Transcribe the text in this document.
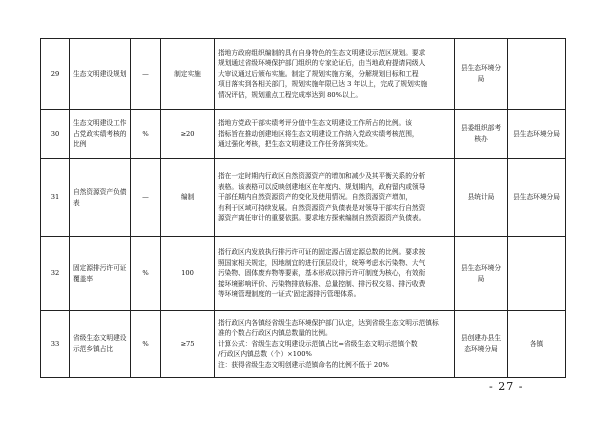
29	生态文明建设规划	—	制定实施	指地方政府组织编制的具有自身特色的生态文明建设示范区规划。要求
规划通过省级环境保护部门组织的专家论证后，由当地政府提请同级人
大审议通过后颁布实施。制定了规划实施方案，分解规划目标和工程
项目落实到各相关部门，规划实施年限已达 3 年以上，完成了规划实施
情况评估，规划重点工程完成率达到 80%以上。	县生态环境分局	
30	生态文明建设工作占党政实绩考核的比例	%	≥20	指地方党政干部实绩考评分值中生态文明建设工作所占的比例。该
指标旨在推动创建地区将生态文明建设工作纳入党政实绩考核范围，
通过强化考核，把生态文明建设工作任务落到实处。	县委组织部考核办	县生态环境分局
31	自然资源资产负债表	—	编制	指在一定时期内行政区自然资源资产的增加和减少及其平衡关系的分析
表格。该表格可以反映创建地区在年度内、规划期内，政府留内或领导
干部任期内自然资源资产的变化及使用情况。自然资源资产增加，
有利于区域可持续发展。自然资源资产负债表是对领导干部实行自然资
源资产离任审计的重要依据。要求地方探索编制自然资源资产负债表。	县统计局	县生态环境分局
32	固定源排污许可证覆盖率	%	100	指行政区内发放执行排污许可证的固定源占固定源总数的比例。要求按
照国家相关规定，因地制宜的进行顶层设计，统筹考虑水污染物、大气
污染物、固体废弃物等要素，基本形成以排污许可制度为核心，有效衔
接环境影响评价、污染物排放标准、总量控制、排污权交易、排污收费
等环境管理制度的一证式'固定源排污管理体系。	县生态环境分局	
33	省级生态文明建设示范乡镇占比	%	≥75	指行政区内各镇经省级生态环境保护部门认定，达到省级生态文明示范镇标
准的个数占行政区内镇总数量的比例。
计算公式：省级生态文明建设示范镇占比=省级生态文明示范镇个数
/行政区内镇总数（个）×100%
注：获得省级生态文明创建示范镇命名的比例不低于 20%	县创建办县生态环境分局	各镇
- 27 -
